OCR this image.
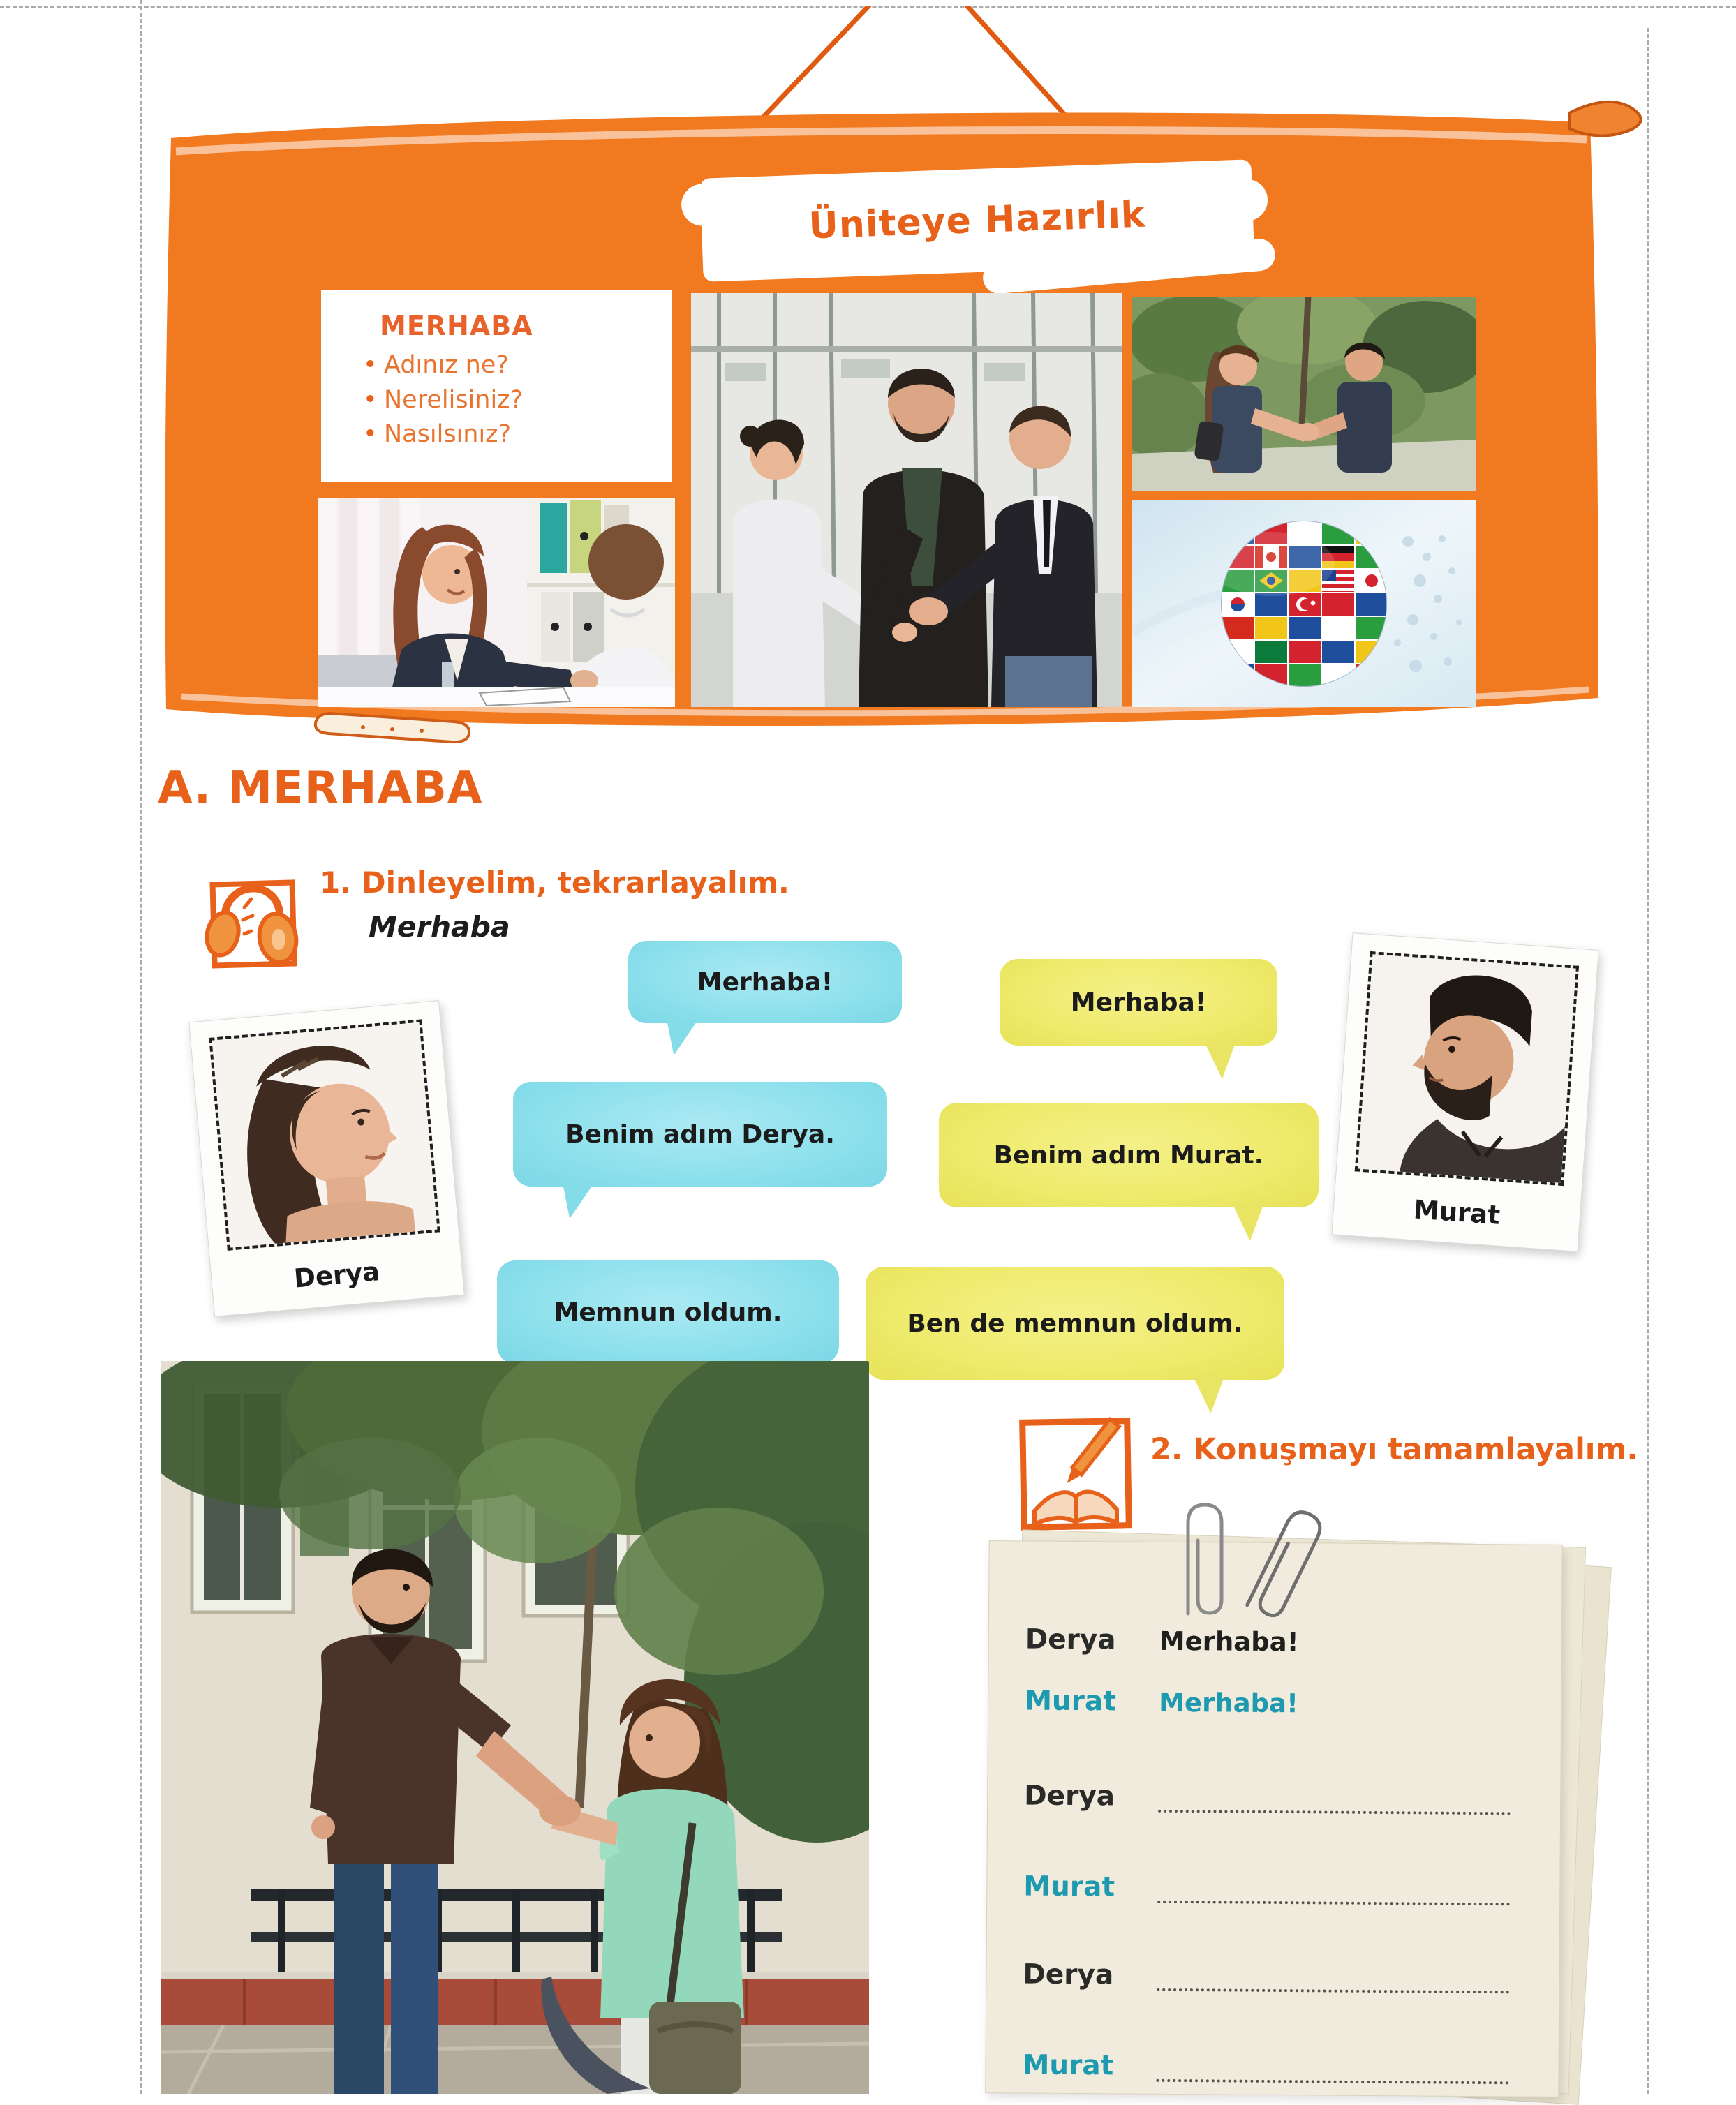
Üniteye Hazırlık
MERHABA
• Adınız ne?
• Nerelisiniz?
• Nasılsınız?
A. MERHABA
1. Dinleyelim, tekrarlayalım.
Merhaba
Derya
Murat
Merhaba!
Merhaba!
Benim adım Derya.
Benim adım Murat.
Memnun oldum.	Ben de memnun oldum.
2. Konuşmayı tamamlayalım.
Derya	Merhaba!
Murat	Merhaba!
Derya
Murat
Derya
Murat
